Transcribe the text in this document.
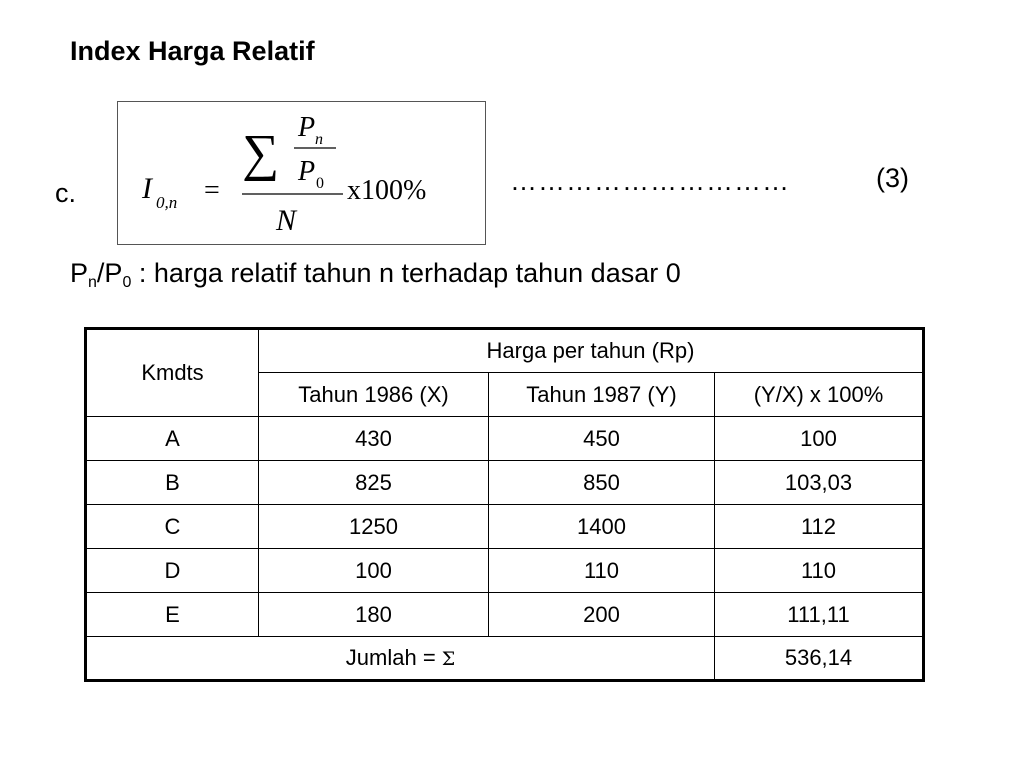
Index Harga Relatif
c. I 0,n =
∑ P n
P 0
N
x100%	…………………………	(3)
$P_n/P_0$ : harga relatif tahun n terhadap tahun dasar 0
Kmdts	Harga per tahun (Rp)		
	Tahun 1986 (X)	Tahun 1987 (Y)	(Y/X) x 100%
A	430	450	100
B	825	850	103,03
C	1250	1400	112
D	100	110	110
E	180	200	111,11
Jumlah = Σ			536,14
